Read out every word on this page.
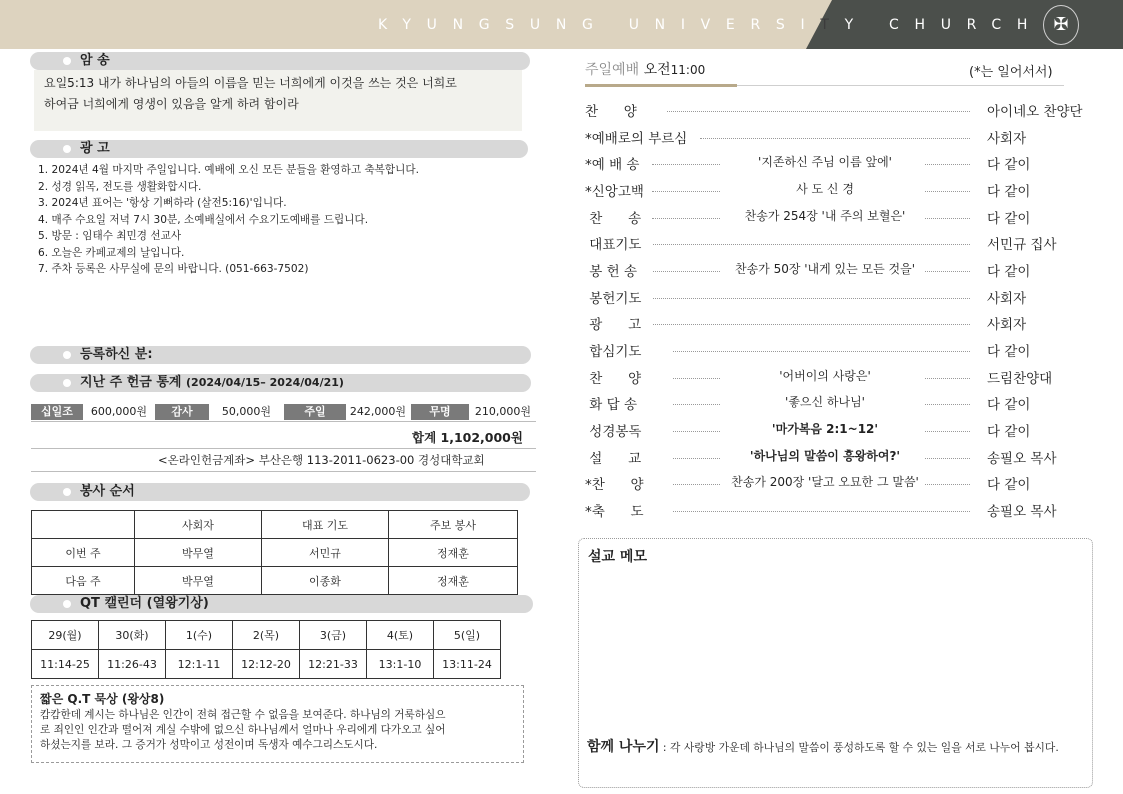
KYUNGSUNG UNIVERSITY CHURCH ✠
암 송
요일5:13 내가 하나님의 아들의 이름을 믿는 너희에게 이것을 쓰는 것은 너희로
하여금 너희에게 영생이 있음을 알게 하려 함이라
광 고
1. 2024년 4월 마지막 주일입니다. 예배에 오신 모든 분들을 환영하고 축복합니다.
2. 성경 읽목, 전도를 생활화합시다.
3. 2024년 표어는 '항상 기뻐하라 (살전5:16)'입니다.
4. 매주 수요일 저녁 7시 30분, 소예배실에서 수요기도예배를 드립니다.
5. 방문 : 임태수 최민경 선교사
6. 오늘은 카페교제의 날입니다.
7. 주차 등록은 사무실에 문의 바랍니다. (051-663-7502)
등록하신 분:
지난 주 헌금 통계 (2024/04/15– 2024/04/21)
십일조	600,000원	감사	50,000원	주일	242,000원	무명	210,000원
합계 1,102,000원
<온라인헌금계좌> 부산은행 113-2011-0623-00 경성대학교회
봉사 순서
	사회자	대표 기도	주보 봉사
이번 주	박무열	서민규	정재훈
다음 주	박무열	이종화	정재훈
QT 캘린더 (열왕기상)
29(월)	30(화)	1(수)	2(목)	3(금)	4(토)	5(일)
11:14-25	11:26-43	12:1-11	12:12-20	12:21-33	13:1-10	13:11-24
짧은 Q.T 묵상 (왕상8)
캄캄한데 계시는 하나님은 인간이 전혀 접근할 수 없음을 보여준다. 하나님의 거룩하심으
로 죄인인 인간과 떨어져 계실 수밖에 없으신 하나님께서 얼마나 우리에게 다가오고 싶어
하셨는지를 보라. 그 증거가 성막이고 성전이며 독생자 예수그리스도시다.
주일예배 오전11:00	(*는 일어서서)
찬      양	아이네오 찬양단
*예배로의 부르심	사회자
*예 배 송	'지존하신 주님 이름 앞에'	다 같이
*신앙고백	사 도 신 경	다 같이
찬      송	찬송가 254장 '내 주의 보혈은'	다 같이
대표기도	서민규 집사
봉 헌 송	찬송가 50장 '내게 있는 모든 것을'	다 같이
봉헌기도	사회자
광      고	사회자
합심기도	다 같이
찬      양	'어버이의 사랑은'	드림찬양대
화 답 송	'좋으신 하나님'	다 같이
성경봉독	'마가복음 2:1~12'	다 같이
설      교	'하나님의 말씀이 흥왕하여?'	송필오 목사
*찬      양	찬송가 200장 '달고 오묘한 그 말씀'	다 같이
*축      도	송필오 목사
설교 메모
함께 나누기 : 각 사랑방 가운데 하나님의 말씀이 풍성하도록 할 수 있는 일을 서로 나누어 봅시다.
